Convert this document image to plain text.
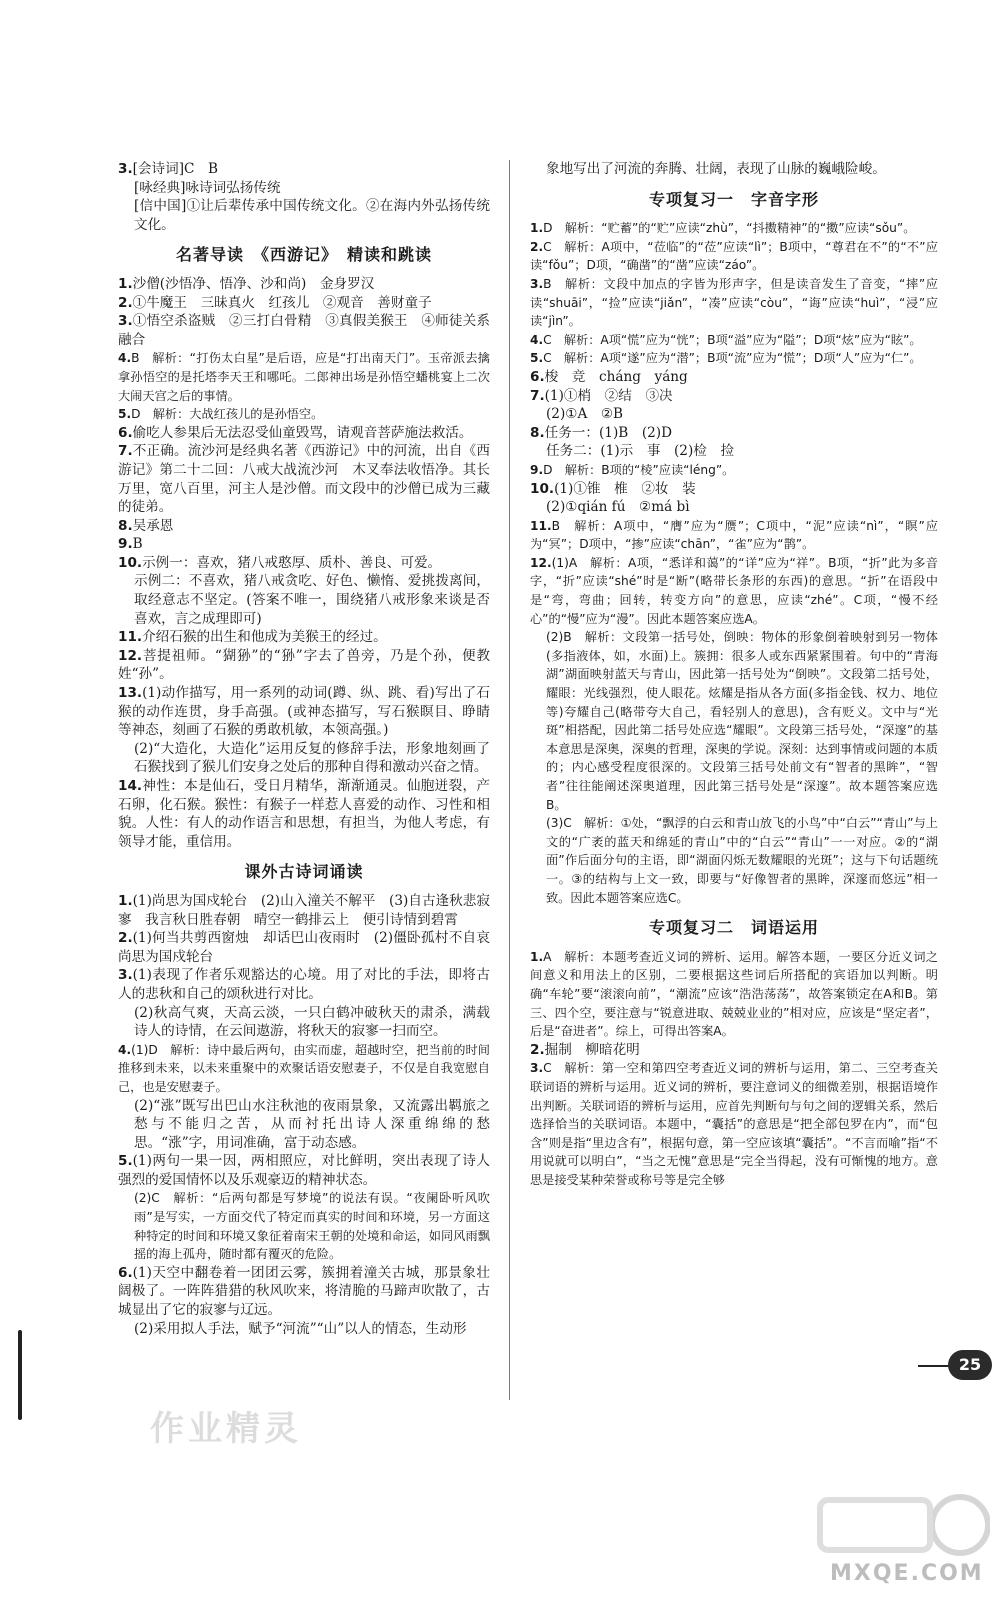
3.[会诗词]C　B

[咏经典]咏诗词弘扬传统

[信中国]①让后辈传承中国传统文化。②在海内外弘扬传统文化。

名著导读　《西游记》　精读和跳读

1.沙僧(沙悟净、悟净、沙和尚)　金身罗汉

2.①牛魔王　三昧真火　红孩儿　②观音　善财童子

3.①悟空杀盗贼　②三打白骨精　③真假美猴王　④师徒关系融合

4.B　解析：“打伤太白星”是后语，应是“打出南天门”。玉帝派去擒拿孙悟空的是托塔李天王和哪吒。二郎神出场是孙悟空蟠桃宴上二次大闹天宫之后的事情。

5.D　解析：大战红孩儿的是孙悟空。

6.偷吃人参果后无法忍受仙童毁骂，请观音菩萨施法救活。

7.不正确。流沙河是经典名著《西游记》中的河流，出自《西游记》第二十二回：八戒大战流沙河　木叉奉法收悟净。其长万里，宽八百里，河主人是沙僧。而文段中的沙僧已成为三藏的徒弟。

8.吴承恩

9.B

10.示例一：喜欢，猪八戒憨厚、质朴、善良、可爱。

示例二：不喜欢，猪八戒贪吃、好色、懒惰、爱挑拨离间，取经意志不坚定。(答案不唯一，围绕猪八戒形象来谈是否喜欢，言之成理即可)

11.介绍石猴的出生和他成为美猴王的经过。

12.菩提祖师。“猢狲”的“狲”字去了兽旁，乃是个孙，便教姓“孙”。

13.(1)动作描写，用一系列的动词(蹲、纵、跳、看)写出了石猴的动作连贯，身手高强。(或神态描写，写石猴瞑目、睁睛等神态，刻画了石猴的勇敢机敏，本领高强。)

(2)“大造化，大造化”运用反复的修辞手法，形象地刻画了石猴找到了猴儿们安身之处后的那种自得和激动兴奋之情。

14.神性：本是仙石，受日月精华，渐渐通灵。仙胞迸裂，产石卵，化石猴。猴性：有猴子一样惹人喜爱的动作、习性和相貌。人性：有人的动作语言和思想，有担当，为他人考虑，有领导才能，重信用。

课外古诗词诵读

1.(1)尚思为国戍轮台　(2)山入潼关不解平　(3)自古逢秋悲寂寥　我言秋日胜春朝　晴空一鹤排云上　便引诗情到碧霄

2.(1)何当共剪西窗烛　却话巴山夜雨时　(2)僵卧孤村不自哀　尚思为国戍轮台

3.(1)表现了作者乐观豁达的心境。用了对比的手法，即将古人的悲秋和自己的颂秋进行对比。

(2)秋高气爽，天高云淡，一只白鹤冲破秋天的肃杀，满载诗人的诗情，在云间遨游，将秋天的寂寥一扫而空。

4.(1)D　解析：诗中最后两句，由实而虚，超越时空，把当前的时间推移到未来，以未来重聚中的欢聚话语安慰妻子，不仅是自我宽慰自己，也是安慰妻子。

(2)“涨”既写出巴山水注秋池的夜雨景象，又流露出羁旅之愁与不能归之苦，从而衬托出诗人深重绵绵的愁思。“涨”字，用词准确，富于动态感。

5.(1)两句一果一因，两相照应，对比鲜明，突出表现了诗人强烈的爱国情怀以及乐观豪迈的精神状态。

(2)C　解析：“后两句都是写梦境”的说法有误。“夜阑卧听风吹雨”是写实，一方面交代了特定而真实的时间和环境，另一方面这种特定的时间和环境又象征着南宋王朝的处境和命运，如同风雨飘摇的海上孤舟，随时都有覆灭的危险。

6.(1)天空中翻卷着一团团云雾，簇拥着潼关古城，那景象壮阔极了。一阵阵猎猎的秋风吹来，将清脆的马蹄声吹散了，古城显出了它的寂寥与辽远。

(2)采用拟人手法，赋予“河流”“山”以人的情态，生动形

象地写出了河流的奔腾、壮阔，表现了山脉的巍峨险峻。

专项复习一　字音字形

1.D　解析：“贮蓄”的“贮”应读“zhù”，“抖擞精神”的“擞”应读“sǒu”。

2.C　解析：A项中，“莅临”的“莅”应读“lì”；B项中，“尊君在不”的“不”应读“fǒu”；D项，“确凿”的“凿”应读“záo”。

3.B　解析：文段中加点的字皆为形声字，但是读音发生了音变，“摔”应读“shuāi”，“捡”应读“jiǎn”，“凑”应读“còu”，“诲”应读“huì”，“浸”应读“jìn”。

4.C　解析：A项“慌”应为“恍”；B项“溢”应为“隘”；D项“炫”应为“眩”。

5.C　解析：A项“遂”应为“潜”；B项“流”应为“慌”；D项“人”应为“仁”。

6.梭　竞　cháng　yáng

7.(1)①梢　②结　③决

(2)①A　②B

8.任务一：(1)B　(2)D

任务二：(1)示　事　(2)检　捡

9.D　解析：B项的“棱”应读“léng”。

10.(1)①锥　椎　②妆　装

(2)①qián fú　②má bì

11.B　解析：A项中，“膺”应为“赝”；C项中，“泥”应读“nì”，“瞑”应为“冥”；D项中，“掺”应读“chān”，“雀”应为“鹊”。

12.(1)A　解析：A项，“悉详和蔼”的“详”应为“祥”。B项，“折”此为多音字，“折”应读“shé”时是“断”(略带长条形的东西)的意思。“折”在语段中是“弯，弯曲；回转，转变方向”的意思，应读“zhé”。C项，“慢不经心”的“慢”应为“漫”。因此本题答案应选A。

(2)B　解析：文段第一括号处，倒映：物体的形象倒着映射到另一物体(多指液体，如，水面)上。簇拥：很多人或东西紧紧围着。句中的“青海湖”湖面映射蓝天与青山，因此第一括号处为“倒映”。文段第二括号处，耀眼：光线强烈，使人眼花。炫耀是指从各方面(多指金钱、权力、地位等)夸耀自己(略带夸大自己，看轻别人的意思)，含有贬义。文中与“光斑”相搭配，因此第二括号处应选“耀眼”。文段第三括号处，“深邃”的基本意思是深奥，深奥的哲理，深奥的学说。深刻：达到事情或问题的本质的；内心感受程度很深的。文段第三括号处前文有“智者的黑眸”，“智者”往往能阐述深奥道理，因此第三括号处是“深邃”。故本题答案应选B。

(3)C　解析：①处，“飘浮的白云和青山放飞的小鸟”中“白云”“青山”与上文的“广袤的蓝天和绵延的青山”中的“白云”“青山”一一对应。②的“湖面”作后面分句的主语，即“湖面闪烁无数耀眼的光斑”；这与下句话题统一。③的结构与上文一致，即要与“好像智者的黑眸，深邃而悠远”相一致。因此本题答案应选C。

专项复习二　词语运用

1.A　解析：本题考查近义词的辨析、运用。解答本题，一要区分近义词之间意义和用法上的区别，二要根据这些词后所搭配的宾语加以判断。明确“车轮”要“滚滚向前”，“潮流”应该“浩浩荡荡”，故答案锁定在A和B。第三、四个空，要注意与“锐意进取、兢兢业业的”相对应，应该是“坚定者”，后是“奋进者”。综上，可得出答案A。

2.掘制　柳暗花明

3.C　解析：第一空和第四空考查近义词的辨析与运用，第二、三空考查关联词语的辨析与运用。近义词的辨析，要注意词义的细微差别，根据语境作出判断。关联词语的辨析与运用，应首先判断句与句之间的逻辑关系，然后选择恰当的关联词语。本题中，“囊括”的意思是“把全部包罗在内”，而“包含”则是指“里边含有”，根据句意，第一空应该填“囊括”。“不言而喻”指“不用说就可以明白”，“当之无愧”意思是“完全当得起，没有可惭愧的地方。意思是接受某种荣誉或称号等是完全够

25
作业精灵
MXQE.COM
